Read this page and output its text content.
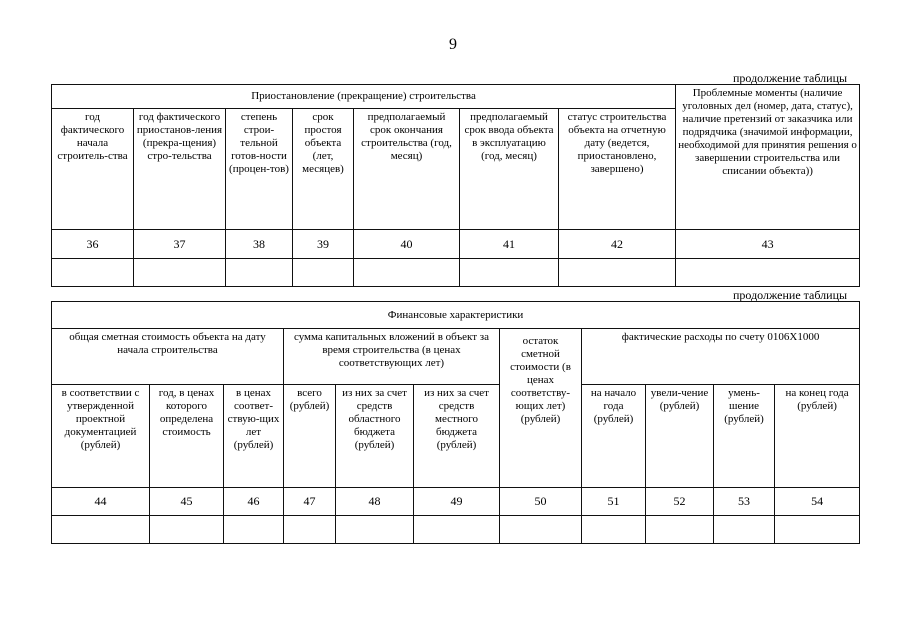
9
продолжение таблицы
Приостановление (прекращение) строительства							Проблемные моменты (наличие уголовных дел (номер, дата, статус), наличие претензий от заказчика или подрядчика (значимой информации, необходимой для принятия решения о завершении строительства или списании объекта))
год фактического начала строитель-ства	год фактического приостанов-ления (прекра-щения) стро-тельства	степень строи-тельной готов-ности (процен-тов)	срок простоя объекта (лет, месяцев)	предполагаемый срок окончания строительства (год, месяц)	предполагаемый срок ввода объекта в эксплуатацию (год, месяц)	статус строительства объекта на отчетную дату (ведется, приостановлено, завершено)	
36	37	38	39	40	41	42	43

продолжение таблицы
Финансовые характеристики										
общая сметная стоимость объекта на дату начала строительства			сумма капитальных вложений в объект за время строительства (в ценах соответствующих лет)			остаток сметной стоимости (в ценах соответству-ющих лет) (рублей)	фактические расходы по счету 0106Х1000			
в соответствии с утвержденной проектной документацией (рублей)	год, в ценах которого определена стоимость	в ценах соответ-ствую-щих лет (рублей)	всего (рублей)	из них за счет средств областного бюджета (рублей)	из них за счет средств местного бюджета (рублей)		на начало года (рублей)	увели-чение (рублей)	умень-шение (рублей)	на конец года (рублей)
44	45	46	47	48	49	50	51	52	53	54
